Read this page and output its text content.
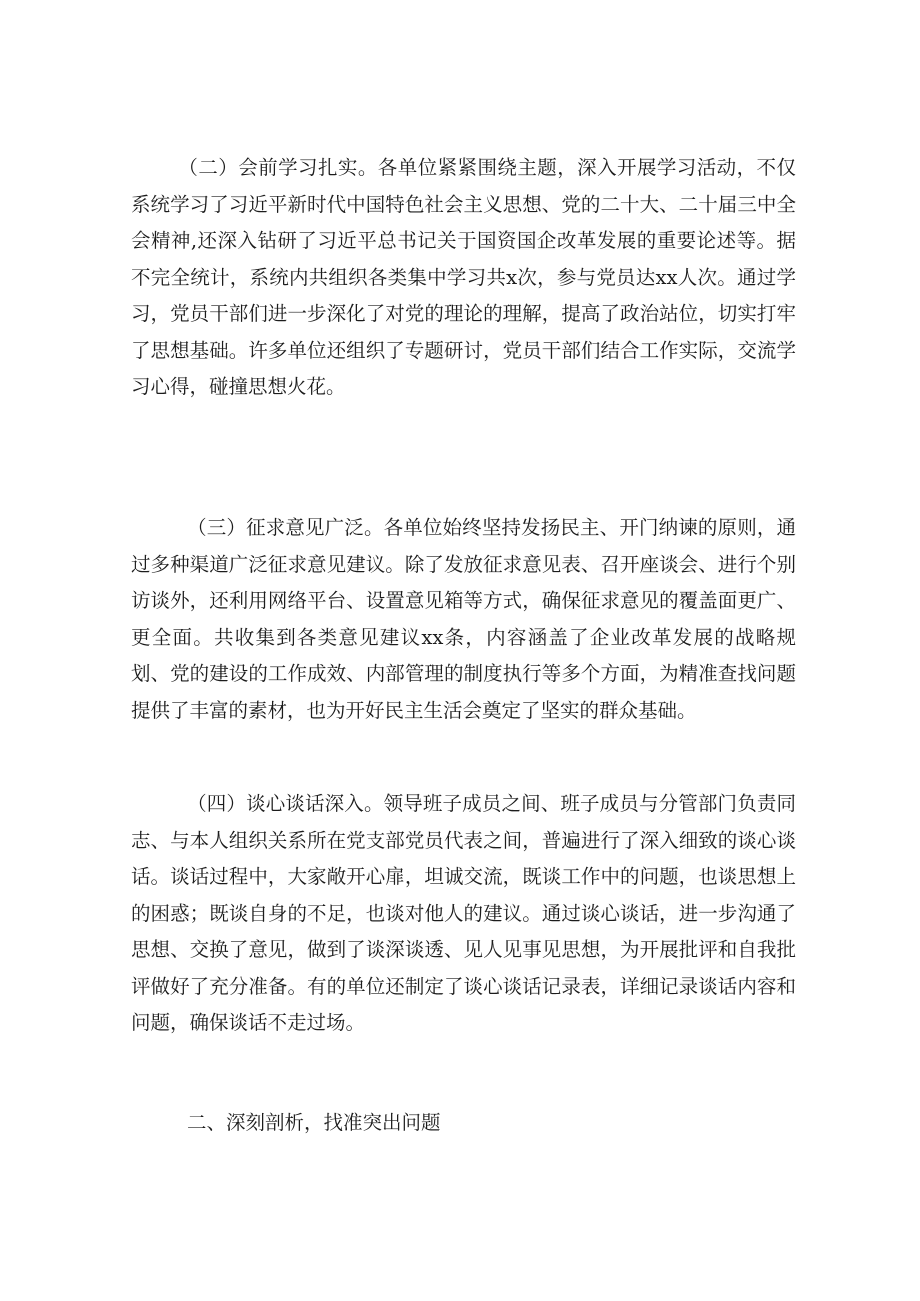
（二）会前学习扎实。各单位紧紧围绕主题，深入开展学习活动，不仅系统学习了习近平新时代中国特色社会主义思想、党的二十大、二十届三中全会精神,还深入钻研了习近平总书记关于国资国企改革发展的重要论述等。据不完全统计，系统内共组织各类集中学习共x次，参与党员达xx人次。通过学习，党员干部们进一步深化了对党的理论的理解，提高了政治站位，切实打牢了思想基础。许多单位还组织了专题研讨，党员干部们结合工作实际，交流学习心得，碰撞思想火花。

（三）征求意见广泛。各单位始终坚持发扬民主、开门纳谏的原则，通过多种渠道广泛征求意见建议。除了发放征求意见表、召开座谈会、进行个别访谈外，还利用网络平台、设置意见箱等方式，确保征求意见的覆盖面更广、更全面。共收集到各类意见建议xx条，内容涵盖了企业改革发展的战略规划、党的建设的工作成效、内部管理的制度执行等多个方面，为精准查找问题提供了丰富的素材，也为开好民主生活会奠定了坚实的群众基础。

（四）谈心谈话深入。领导班子成员之间、班子成员与分管部门负责同志、与本人组织关系所在党支部党员代表之间，普遍进行了深入细致的谈心谈话。谈话过程中，大家敞开心扉，坦诚交流，既谈工作中的问题，也谈思想上的困惑；既谈自身的不足，也谈对他人的建议。通过谈心谈话，进一步沟通了思想、交换了意见，做到了谈深谈透、见人见事见思想，为开展批评和自我批评做好了充分准备。有的单位还制定了谈心谈话记录表，详细记录谈话内容和问题，确保谈话不走过场。

二、深刻剖析，找准突出问题
